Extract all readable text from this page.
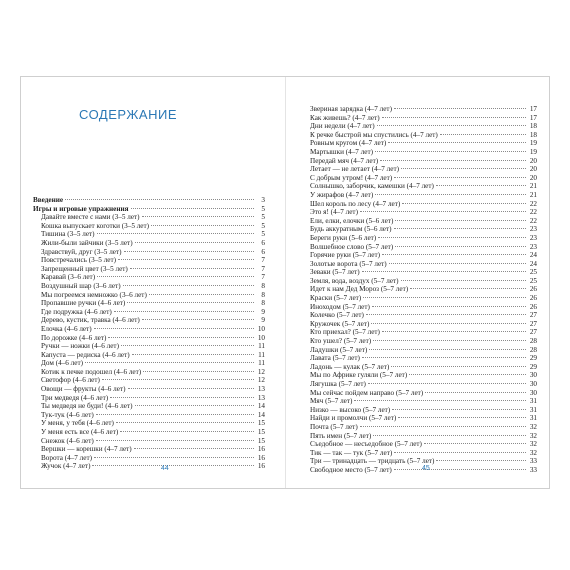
СОДЕРЖАНИЕ
Введение	3
Игры и игровые упражнения	5
Давайте вместе с нами (3–5 лет)	5
Кошка выпускает коготки (3–5 лет)	5
Тишина (3–5 лет)	5
Жили-были зайчики (3–5 лет)	6
Здравствуй, друг (3–5 лет)	6
Повстречались (3–5 лет)	7
Запрещенный цвет (3–5 лет)	7
Каравай (3–6 лет)	7
Воздушный шар (3–6 лет)	8
Мы погреемся немножко (3–6 лет)	8
Пропавшие ручки (4–6 лет)	8
Где подружка (4–6 лет)	9
Дерево, кустик, травка (4–6 лет)	9
Елочка (4–6 лет)	10
По дорожке (4–6 лет)	10
Ручки — ножки (4–6 лет)	11
Капуста — редиска (4–6 лет)	11
Дом (4–6 лет)	11
Котик к печке подошел (4–6 лет)	12
Светофор (4–6 лет)	12
Овощи — фрукты (4–6 лет)	13
Три медведя (4–6 лет)	13
Ты медведя не буди! (4–6 лет)	14
Тук-тук (4–6 лет)	14
У меня, у тебя (4–6 лет)	15
У меня есть все (4–6 лет)	15
Снежок (4–6 лет)	15
Вершки — корешки (4–7 лет)	16
Ворота (4–7 лет)	16
Жучок (4–7 лет)	16
44
Звериная зарядка (4–7 лет)	17
Как живешь? (4–7 лет)	17
Дни недели (4–7 лет)	18
К речке быстрой мы спустились (4–7 лет)	18
Ровным кругом (4–7 лет)	19
Мартышки (4–7 лет)	19
Передай мяч (4–7 лет)	20
Летает — не летает (4–7 лет)	20
С добрым утром! (4–7 лет)	20
Солнышко, заборчик, камешки (4–7 лет)	21
У жирафов (4–7 лет)	21
Шел король по лесу (4–7 лет)	22
Это я! (4–7 лет)	22
Ели, елки, елочки (5–6 лет)	22
Будь аккуратным (5–6 лет)	23
Береги руки (5–6 лет)	23
Волшебное слово (5–7 лет)	23
Горячие руки (5–7 лет)	24
Золотые ворота (5–7 лет)	24
Зеваки (5–7 лет)	25
Земля, вода, воздух (5–7 лет)	25
Идет к нам Дед Мороз (5–7 лет)	26
Краски (5–7 лет)	26
Иноходом (5–7 лет)	26
Колечко (5–7 лет)	27
Кружочек (5–7 лет)	27
Кто приехал? (5–7 лет)	27
Кто ушел? (5–7 лет)	28
Ладушки (5–7 лет)	28
Лавата (5–7 лет)	29
Ладонь — кулак (5–7 лет)	29
Мы по Африке гуляли (5–7 лет)	30
Лягушка (5–7 лет)	30
Мы сейчас пойдем направо (5–7 лет)	30
Мяч (5–7 лет)	31
Низко — высоко (5–7 лет)	31
Найди и промолчи (5–7 лет)	31
Почта (5–7 лет)	32
Пять имен (5–7 лет)	32
Съедобное — несъедобное (5–7 лет)	32
Тик — так — тук (5–7 лет)	32
Три — тринадцать — тридцать (5–7 лет)	33
Свободное место (5–7 лет)	33
45
